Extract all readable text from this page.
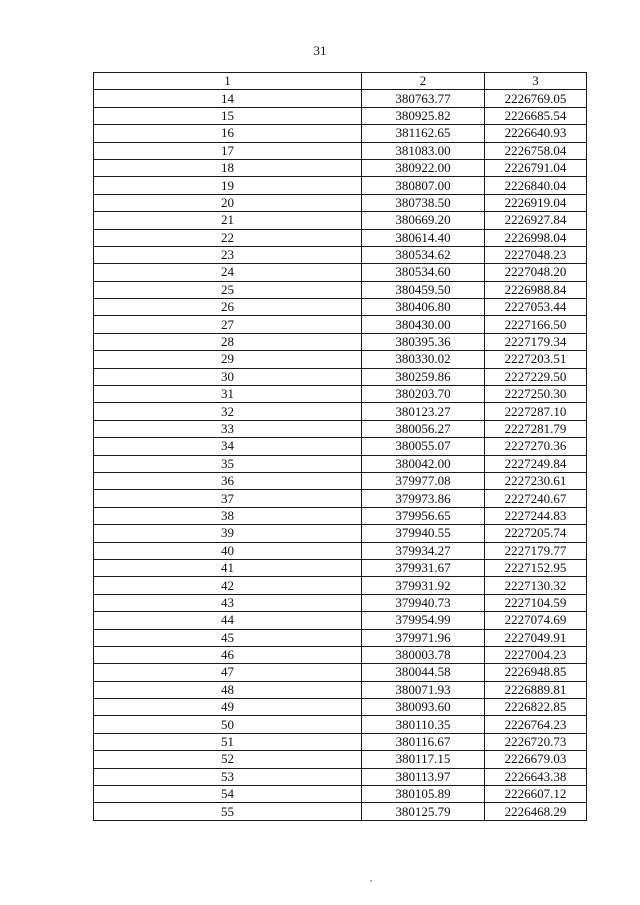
31
1	2	3
14	380763.77	2226769.05
15	380925.82	2226685.54
16	381162.65	2226640.93
17	381083.00	2226758.04
18	380922.00	2226791.04
19	380807.00	2226840.04
20	380738.50	2226919.04
21	380669.20	2226927.84
22	380614.40	2226998.04
23	380534.62	2227048.23
24	380534.60	2227048.20
25	380459.50	2226988.84
26	380406.80	2227053.44
27	380430.00	2227166.50
28	380395.36	2227179.34
29	380330.02	2227203.51
30	380259.86	2227229.50
31	380203.70	2227250.30
32	380123.27	2227287.10
33	380056.27	2227281.79
34	380055.07	2227270.36
35	380042.00	2227249.84
36	379977.08	2227230.61
37	379973.86	2227240.67
38	379956.65	2227244.83
39	379940.55	2227205.74
40	379934.27	2227179.77
41	379931.67	2227152.95
42	379931.92	2227130.32
43	379940.73	2227104.59
44	379954.99	2227074.69
45	379971.96	2227049.91
46	380003.78	2227004.23
47	380044.58	2226948.85
48	380071.93	2226889.81
49	380093.60	2226822.85
50	380110.35	2226764.23
51	380116.67	2226720.73
52	380117.15	2226679.03
53	380113.97	2226643.38
54	380105.89	2226607.12
55	380125.79	2226468.29
